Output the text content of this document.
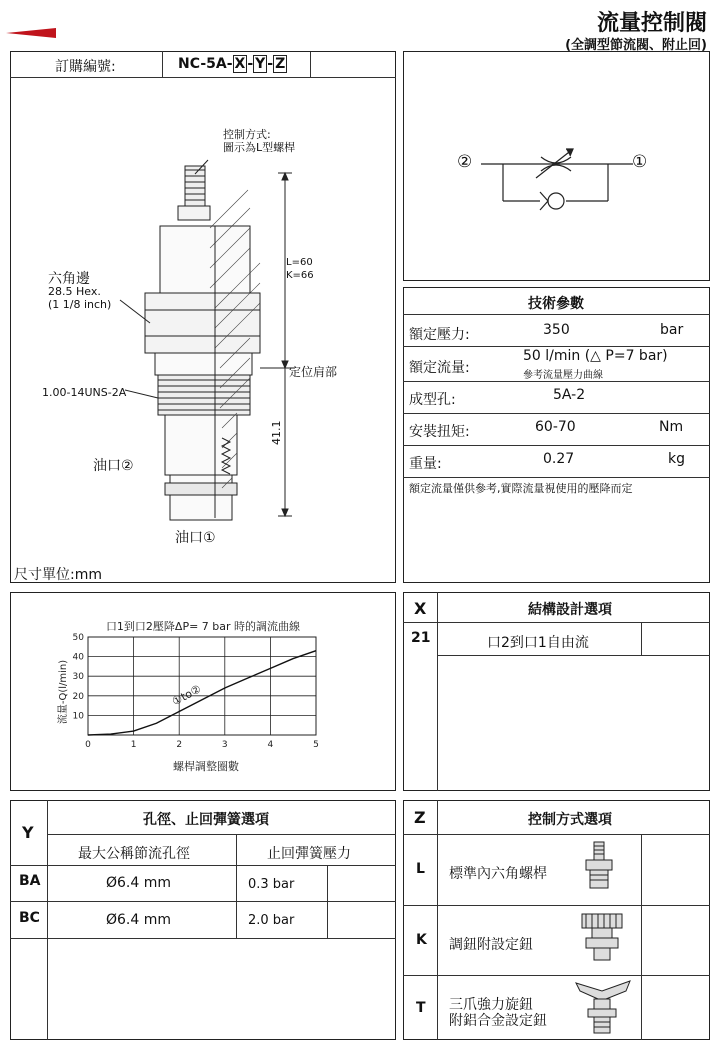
流量控制閥
(全調型節流閥、附止回)
訂購編號:	NC-5A- X - Y - Z
控制方式:
圖示為L型螺桿
六角邊
28.5 Hex.
(1 1/8 inch)
L=60
K=66
定位肩部
1.00-14UNS-2A
油口②
油口①
41.1
尺寸單位:mm
②	①
技術參數
額定壓力:	350	bar
額定流量:
50 l/min (△ P=7 bar)
參考流量壓力曲線
成型孔:	5A-2
安裝扭矩:	60-70	Nm
重量:	0.27	kg
額定流量僅供參考,實際流量視使用的壓降而定
口1到口2壓降ΔP= 7 bar 時的調流曲線
0	1	2	3	4	5
10
20
30
40
50
①to②
螺桿調整圈數
流量-Q(l/min)
X	結構設計選項
21	口2到口1自由流
Y
孔徑、止回彈簧選項
最大公稱節流孔徑	止回彈簧壓力
BA	Ø6.4 mm	0.3 bar
BC	Ø6.4 mm	2.0 bar
Z	控制方式選項
L 標準內六角螺桿
K 調鈕附設定鈕
T 三爪強力旋鈕
附鋁合金設定鈕
